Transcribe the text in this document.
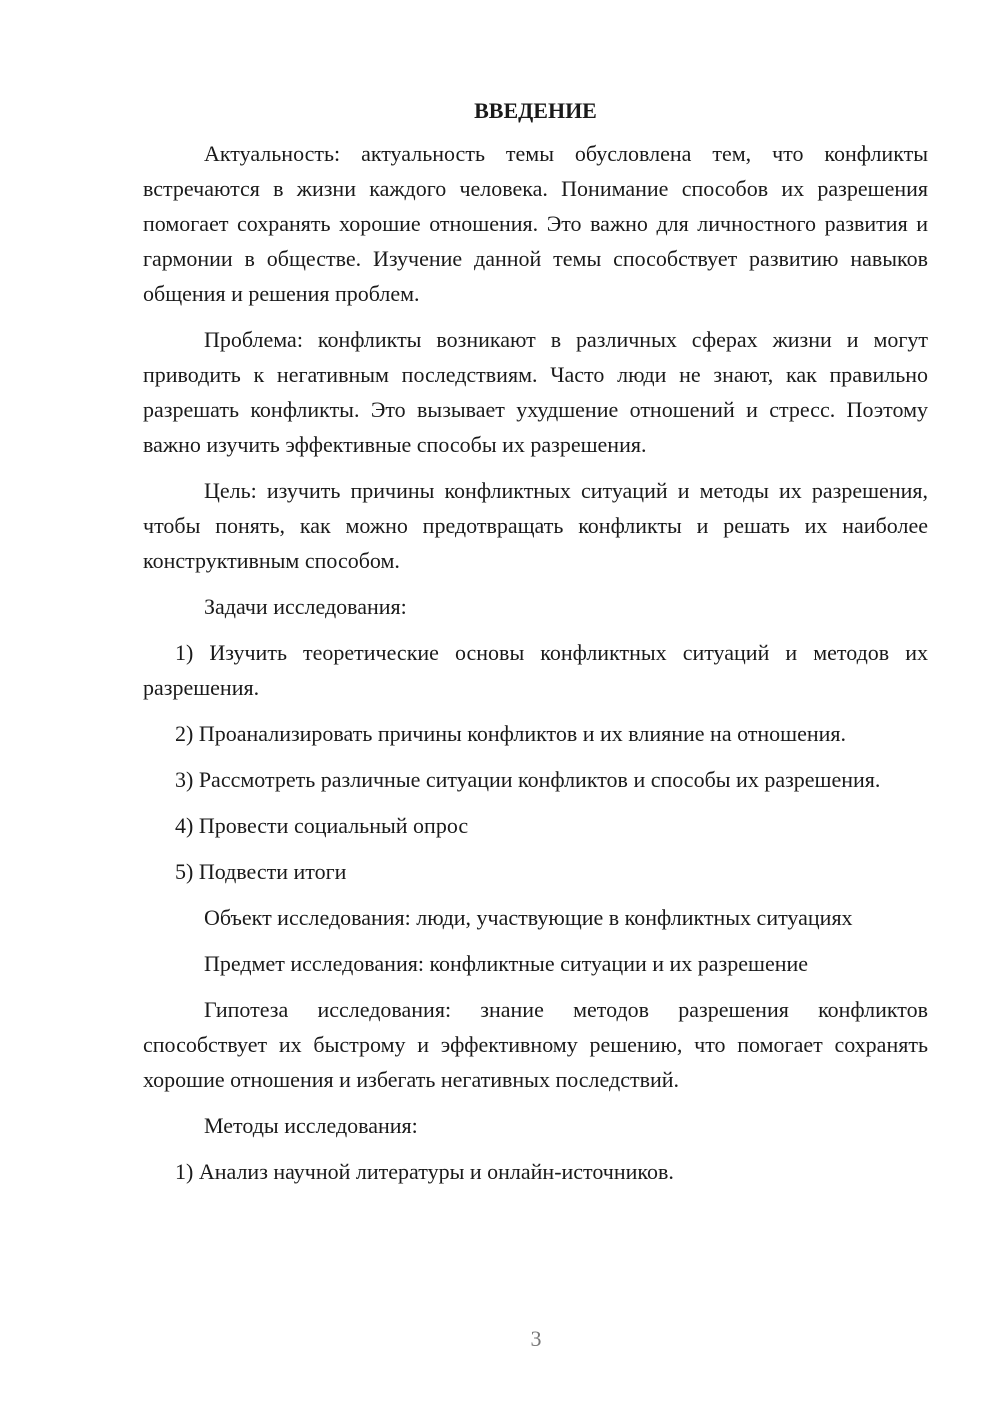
ВВЕДЕНИЕ

Актуальность: актуальность темы обусловлена тем, что конфликты встречаются в жизни каждого человека. Понимание способов их разрешения помогает сохранять хорошие отношения. Это важно для личностного развития и гармонии в обществе. Изучение данной темы способствует развитию навыков общения и решения проблем.

Проблема: конфликты возникают в различных сферах жизни и могут приводить к негативным последствиям. Часто люди не знают, как правильно разрешать конфликты. Это вызывает ухудшение отношений и стресс. Поэтому важно изучить эффективные способы их разрешения.

Цель: изучить причины конфликтных ситуаций и методы их разрешения, чтобы понять, как можно предотвращать конфликты и решать их наиболее конструктивным способом.

Задачи исследования:

1) Изучить теоретические основы конфликтных ситуаций и методов их разрешения.

2) Проанализировать причины конфликтов и их влияние на отношения.

3) Рассмотреть различные ситуации конфликтов и способы их разрешения.

4) Провести социальный опрос

5) Подвести итоги

Объект исследования: люди, участвующие в конфликтных ситуациях

Предмет исследования: конфликтные ситуации и их разрешение

Гипотеза исследования: знание методов разрешения конфликтов способствует их быстрому и эффективному решению, что помогает сохранять хорошие отношения и избегать негативных последствий.

Методы исследования:

1) Анализ научной литературы и онлайн-источников.

3
